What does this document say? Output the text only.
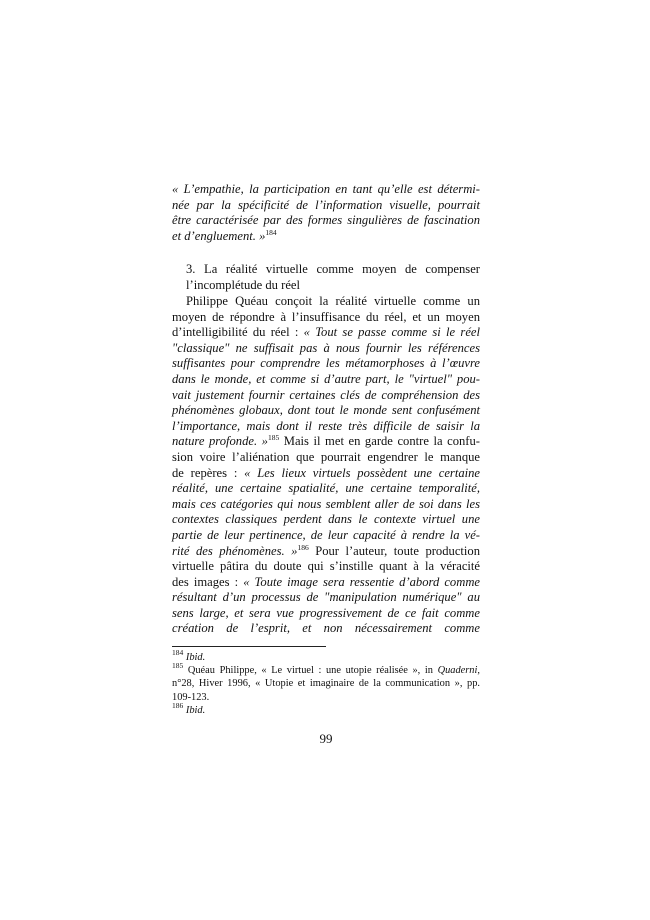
« L’empathie, la participation en tant qu’elle est détermi-
née par la spécificité de l’information visuelle, pourrait
être caractérisée par des formes singulières de fascination
et d’engluement. »$^{184}$
3. La réalité virtuelle comme moyen de compenser
l’incomplétude du réel
Philippe Quéau conçoit la réalité virtuelle comme un
moyen de répondre à l’insuffisance du réel, et un moyen
d’intelligibilité du réel : « Tout se passe comme si le réel
"classique" ne suffisait pas à nous fournir les références
suffisantes pour comprendre les métamorphoses à l’œuvre
dans le monde, et comme si d’autre part, le "virtuel" pou-
vait justement fournir certaines clés de compréhension des
phénomènes globaux, dont tout le monde sent confusément
l’importance, mais dont il reste très difficile de saisir la
nature profonde. »$^{185}$ Mais il met en garde contre la confu-
sion voire l’aliénation que pourrait engendrer le manque
de repères : « Les lieux virtuels possèdent une certaine
réalité, une certaine spatialité, une certaine temporalité,
mais ces catégories qui nous semblent aller de soi dans les
contextes classiques perdent dans le contexte virtuel une
partie de leur pertinence, de leur capacité à rendre la vé-
rité des phénomènes. »$^{186}$ Pour l’auteur, toute production
virtuelle pâtira du doute qui s’instille quant à la véracité
des images : « Toute image sera ressentie d’abord comme
résultant d’un processus de "manipulation numérique" au
sens large, et sera vue progressivement de ce fait comme
création de l’esprit, et non nécessairement comme
$^{184}$ Ibid.
$^{185}$ Quéau Philippe, « Le virtuel : une utopie réalisée », in Quaderni,
n°28, Hiver 1996, « Utopie et imaginaire de la communication », pp.
109-123.
$^{186}$ Ibid.
99
